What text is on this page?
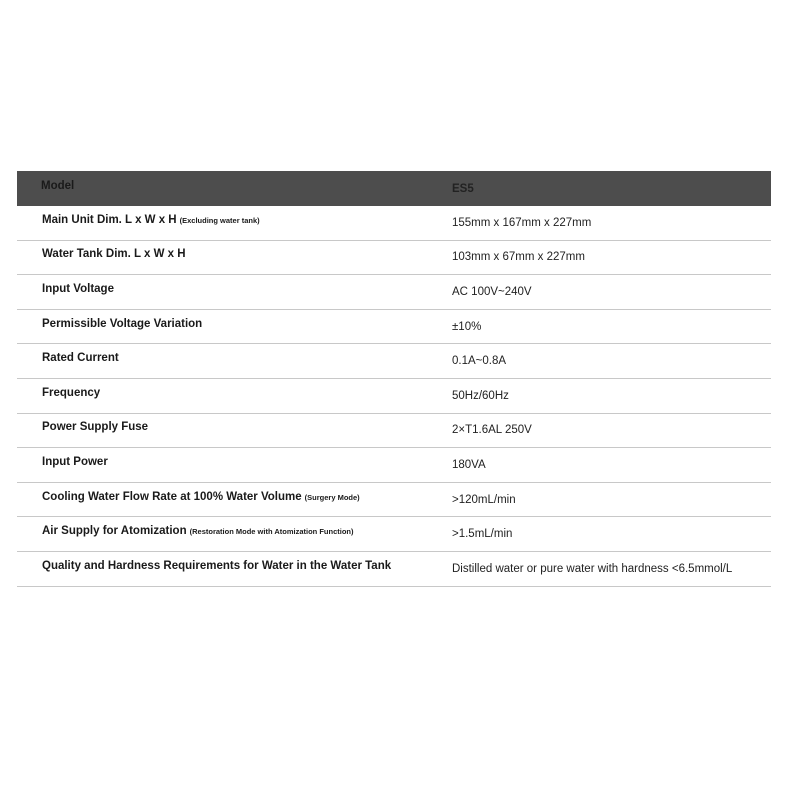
Model	ES5
Main Unit Dim. L x W x H (Excluding water tank)	155mm x 167mm x 227mm
Water Tank Dim. L x W x H	103mm x 67mm x 227mm
Input Voltage	AC 100V~240V
Permissible Voltage Variation	±10%
Rated Current	0.1A~0.8A
Frequency	50Hz/60Hz
Power Supply Fuse	2×T1.6AL 250V
Input Power	180VA
Cooling Water Flow Rate at 100% Water Volume (Surgery Mode)	>120mL/min
Air Supply for Atomization (Restoration Mode with Atomization Function)	>1.5mL/min
Quality and Hardness Requirements for Water in the Water Tank	Distilled water or pure water with hardness <6.5mmol/L
